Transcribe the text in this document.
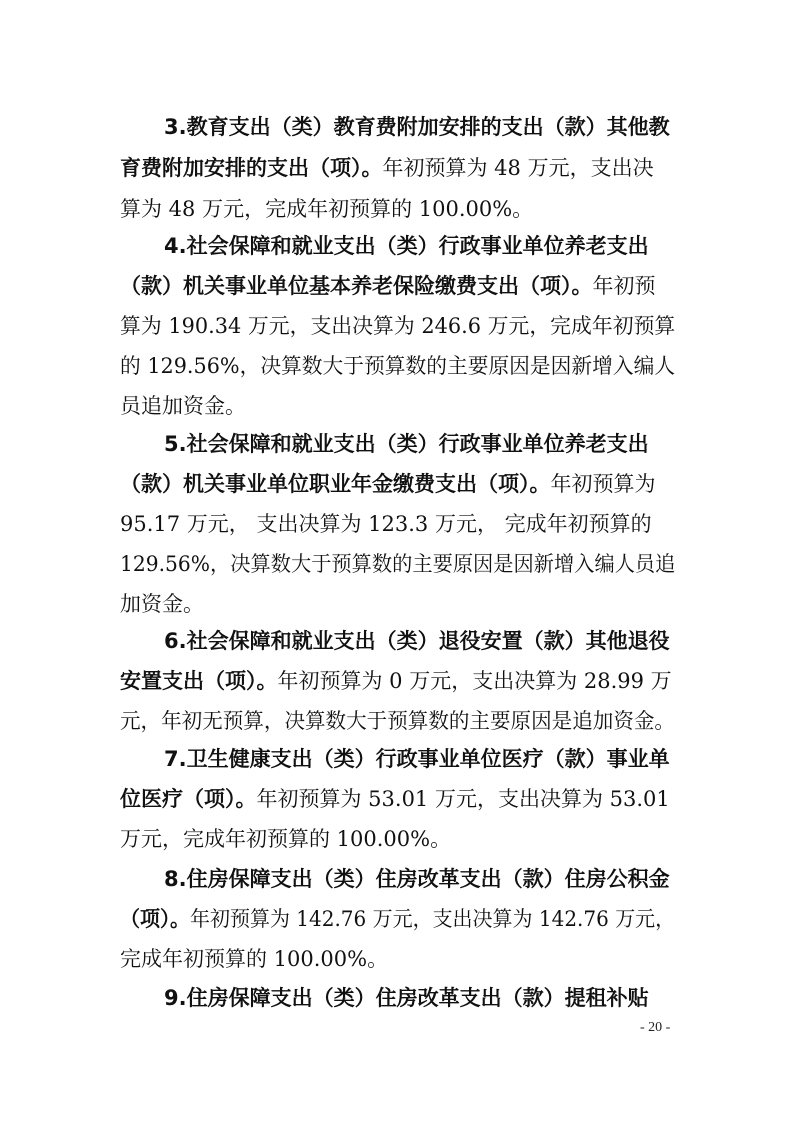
3.教育支出（类）教育费附加安排的支出（款）其他教
育费附加安排的支出（项）。年初预算为 48 万元，支出决
算为 48 万元，完成年初预算的 100.00%。
4.社会保障和就业支出（类）行政事业单位养老支出
（款）机关事业单位基本养老保险缴费支出（项）。年初预
算为 190.34 万元，支出决算为 246.6 万元，完成年初预算
的 129.56%，决算数大于预算数的主要原因是因新增入编人
员追加资金。
5.社会保障和就业支出（类）行政事业单位养老支出
（款）机关事业单位职业年金缴费支出（项）。年初预算为
95.17 万元， 支出决算为 123.3 万元， 完成年初预算的
129.56%，决算数大于预算数的主要原因是因新增入编人员追
加资金。
6.社会保障和就业支出（类）退役安置（款）其他退役
安置支出（项）。年初预算为 0 万元，支出决算为 28.99 万
元，年初无预算，决算数大于预算数的主要原因是追加资金。
7.卫生健康支出（类）行政事业单位医疗（款）事业单
位医疗（项）。年初预算为 53.01 万元，支出决算为 53.01
万元，完成年初预算的 100.00%。
8.住房保障支出（类）住房改革支出（款）住房公积金
（项）。年初预算为 142.76 万元，支出决算为 142.76 万元，
完成年初预算的 100.00%。
9.住房保障支出（类）住房改革支出（款）提租补贴
- 20 -
